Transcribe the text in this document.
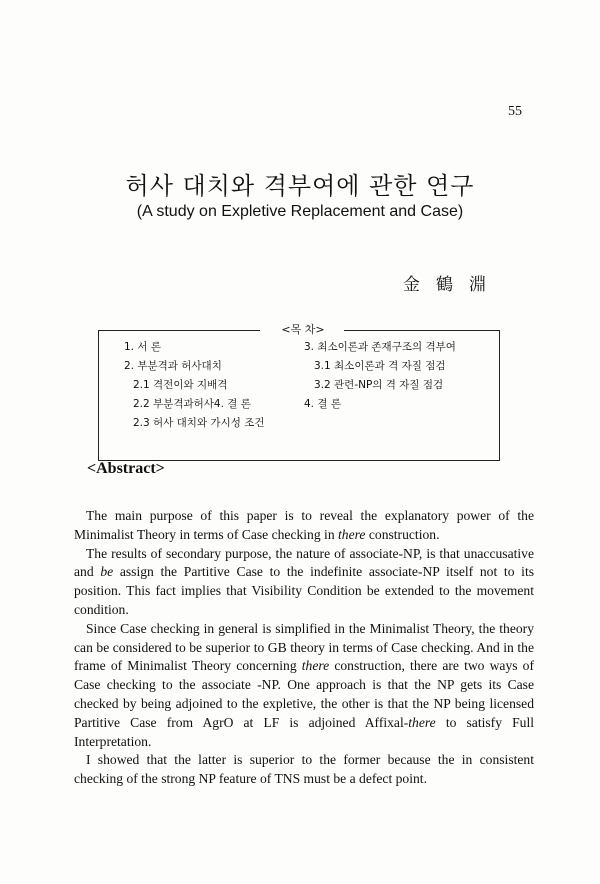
55
허사 대치와 격부여에 관한 연구
(A study on Expletive Replacement and Case)
金鶴淵
<목 차>
1. 서 론
2. 부분격과 허사대치
2.1 격전이와 지배격
2.2 부분격과허사4. 결 론
2.3 허사 대치와 가시성 조건
3. 최소이론과 존재구조의 격부여
3.1 최소이론과 격 자질 점검
3.2 관련-NP의 격 자질 점검
4. 결 론
<Abstract>

The main purpose of this paper is to reveal the explanatory power of the Minimalist Theory in terms of Case checking in there construction.

The results of secondary purpose, the nature of associate-NP, is that unaccusative and be assign the Partitive Case to the indefinite associate-NP itself not to its position. This fact implies that Visibility Condition be extended to the movement condition.

Since Case checking in general is simplified in the Minimalist Theory, the theory can be considered to be superior to GB theory in terms of Case checking. And in the frame of Minimalist Theory concerning there construction, there are two ways of Case checking to the associate -NP. One approach is that the NP gets its Case checked by being adjoined to the expletive, the other is that the NP being licensed Partitive Case from AgrO at LF is adjoined Affixal-there to satisfy Full Interpretation.

I showed that the latter is superior to the former because the in consistent checking of the strong NP feature of TNS must be a defect point.
